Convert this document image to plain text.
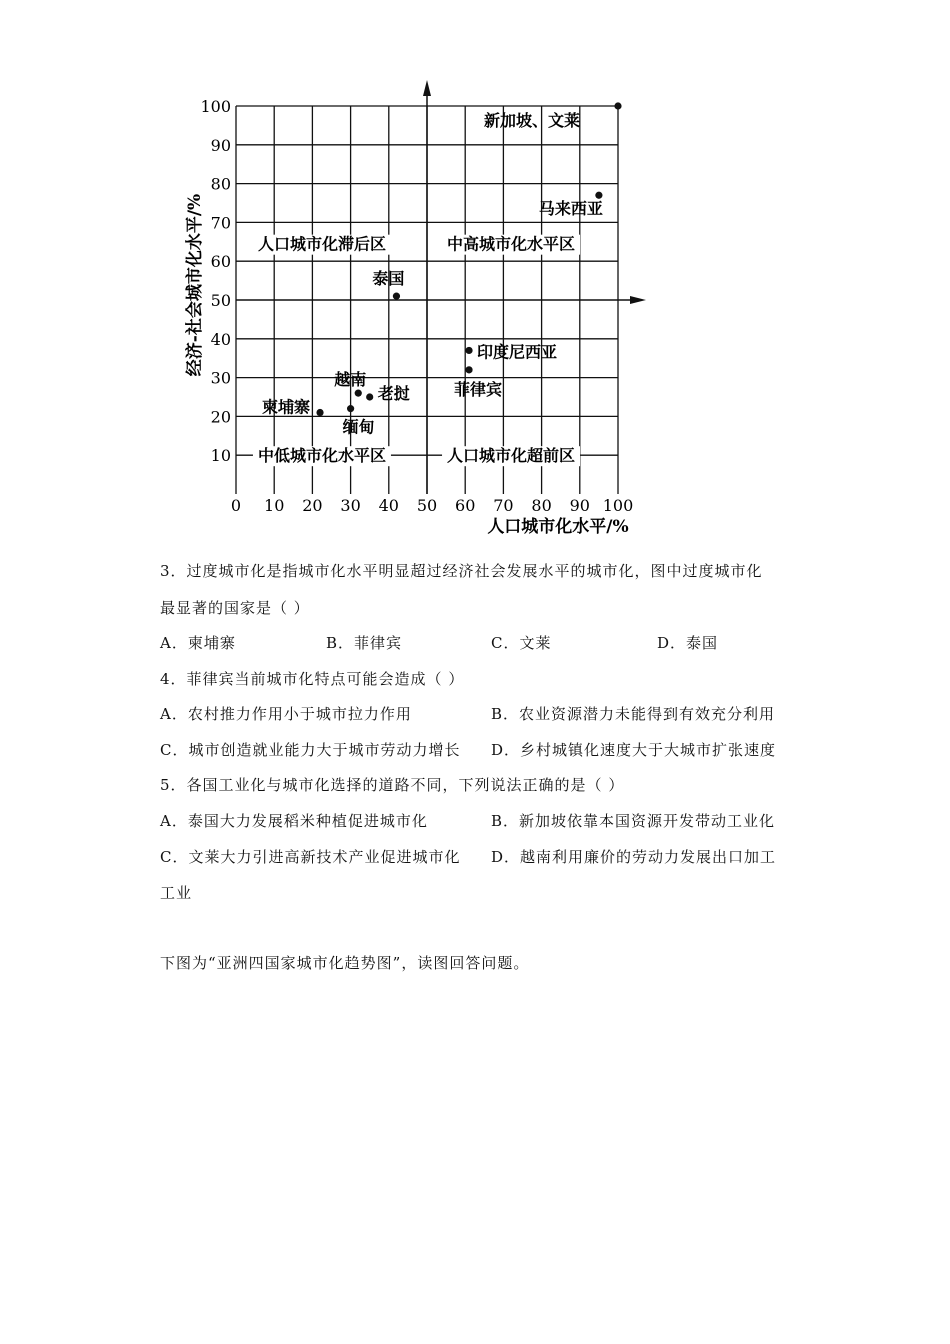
0 10 20 30 40 50 60 70 80 90 100
10
20
30
40
50
60
70
80
90
100
新加坡、文莱
马来西亚
泰国
印度尼西亚
菲律宾
越南
老挝
柬埔寨
缅甸
人口城市化滞后区	中高城市化水平区
中低城市化水平区	人口城市化超前区
人口城市化水平/%
经济-社会城市化水平/%
3．过度城市化是指城市化水平明显超过经济社会发展水平的城市化，图中过度城市化
最显著的国家是（ ）
A．柬埔寨	B．菲律宾	C．文莱	D．泰国
4．菲律宾当前城市化特点可能会造成（ ）
A．农村推力作用小于城市拉力作用	B．农业资源潜力未能得到有效充分利用
C．城市创造就业能力大于城市劳动力增长 D．乡村城镇化速度大于大城市扩张速度
5．各国工业化与城市化选择的道路不同，下列说法正确的是（ ）
A．泰国大力发展稻米种植促进城市化	B．新加坡依靠本国资源开发带动工业化
C．文莱大力引进高新技术产业促进城市化 D．越南利用廉价的劳动力发展出口加工
工业
下图为“亚洲四国家城市化趋势图”，读图回答问题。
